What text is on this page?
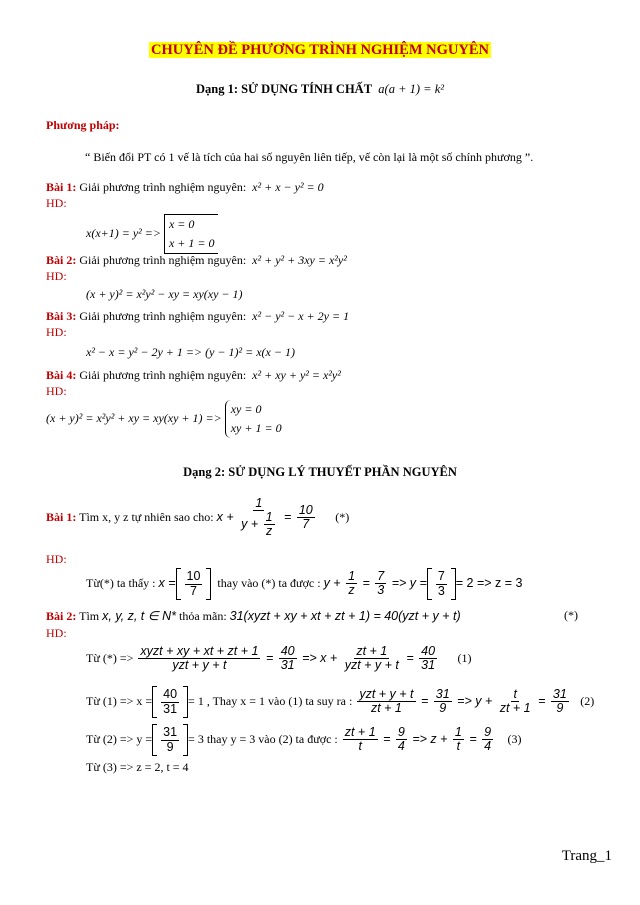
CHUYÊN ĐỀ PHƯƠNG TRÌNH NGHIỆM NGUYÊN
Dạng 1: SỬ DỤNG TÍNH CHẤT a(a + 1) = k²
Phương pháp:
“ Biến đổi PT có 1 vế là tích của hai số nguyên liên tiếp, vế còn lại là một số chính phương ”.
Bài 1: Giải phương trình nghiệm nguyên: x² + x − y² = 0
HD:
x(x+1) = y² => x = 0
x + 1 = 0
Bài 2: Giải phương trình nghiệm nguyên: x² + y² + 3xy = x²y²
HD:
(x + y)² = x²y² − xy = xy(xy − 1)
Bài 3: Giải phương trình nghiệm nguyên: x² − y² − x + 2y = 1
HD:
x² − x = y² − 2y + 1 => (y − 1)² = x(x − 1)
Bài 4: Giải phương trình nghiệm nguyên: x² + xy + y² = x²y²
HD:
(x + y)² = x²y² + xy = xy(xy + 1) => xy = 0
xy + 1 = 0
Dạng 2: SỬ DỤNG LÝ THUYẾT PHẦN NGUYÊN
Bài 1: Tìm x, y z tự nhiên sao cho: $x + \frac{1}{y + \frac{1}{z}} = \frac{10}{7}$ (*)
HD:
Từ(*) ta thấy : $x = \frac{10}{7}$ thay vào (*) ta được : $y + \frac{1}{z} = \frac{7}{3} => y = \frac{7}{3} = 2 => z = 3$
Bài 2: Tìm x, y, z, t ∈ N* thỏa mãn: 31(xyzt + xy + xt + zt + 1) = 40(yzt + y + t)	(*)
HD:
Từ (*) => $\frac{\text{xyzt + xy + xt + zt + 1}}{\text{yzt + y + t}} = \frac{40}{31} => x + \frac{zt + 1}{\text{yzt + y + t}} = \frac{40}{31} (1)$
Từ $(1) => x = \frac{40}{31} = 1$ , Thay x = 1 vào (1) ta suy ra : $\frac{\text{yzt + y + t}}{zt + 1} = \frac{31}{9} => y + \frac{t}{zt + 1} = \frac{31}{9} (2)$
Từ $(2) => y = \frac{31}{9} = 3$ thay y = 3 vào (2) ta được : $\frac{zt + 1}{t} = \frac{9}{4} => z + \frac{1}{t} = \frac{9}{4} (3)$
Từ (3) => z = 2, t = 4
Trang_1
